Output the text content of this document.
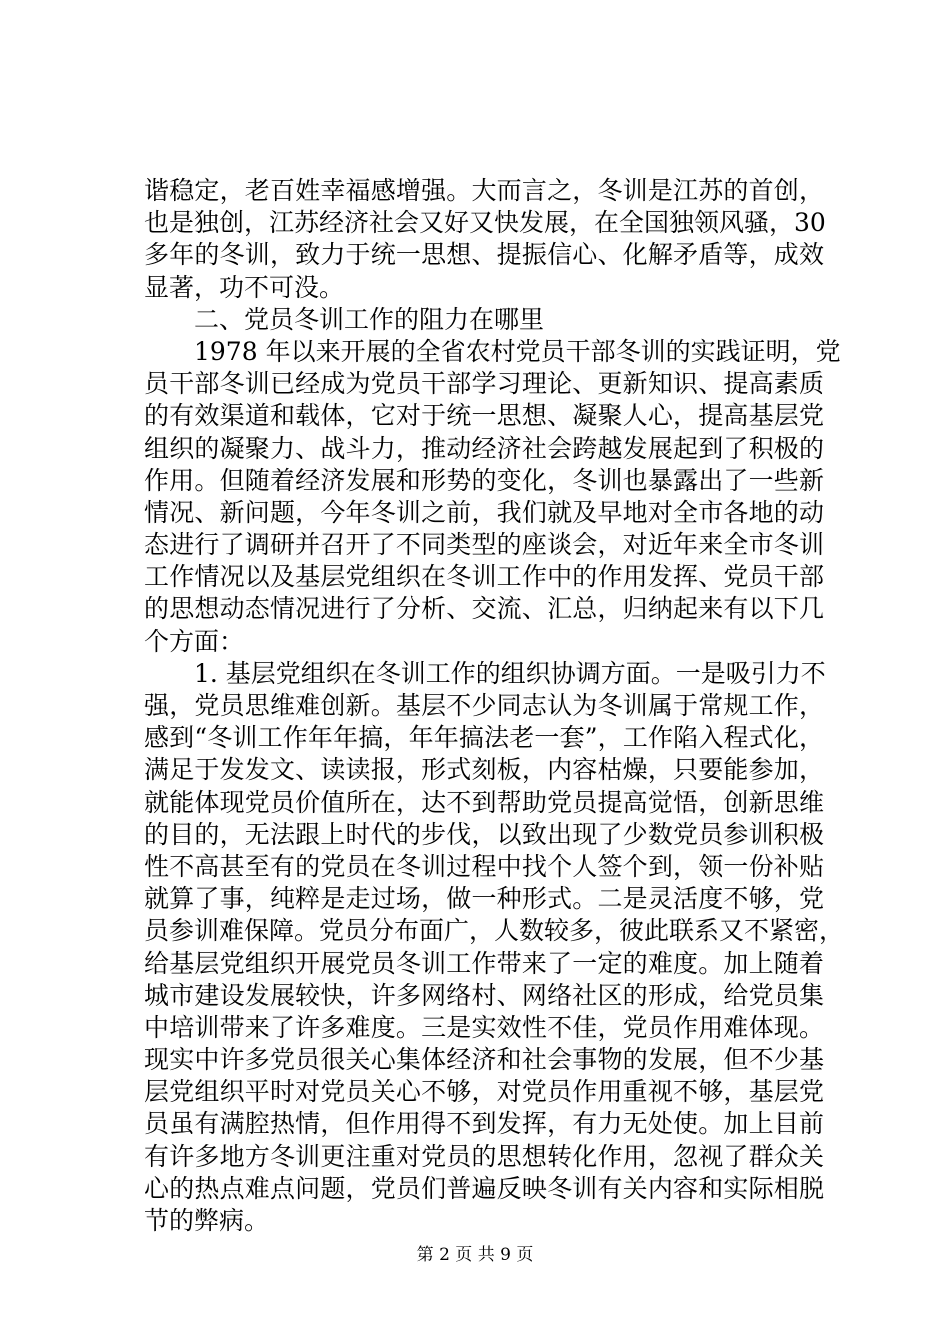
谐稳定，老百姓幸福感增强。大而言之，冬训是江苏的首创，
也是独创，江苏经济社会又好又快发展，在全国独领风骚，30
多年的冬训，致力于统一思想、提振信心、化解矛盾等，成效
显著，功不可没。
　　二、党员冬训工作的阻力在哪里
　　1978 年以来开展的全省农村党员干部冬训的实践证明，党
员干部冬训已经成为党员干部学习理论、更新知识、提高素质
的有效渠道和载体，它对于统一思想、凝聚人心，提高基层党
组织的凝聚力、战斗力，推动经济社会跨越发展起到了积极的
作用。但随着经济发展和形势的变化，冬训也暴露出了一些新
情况、新问题，今年冬训之前，我们就及早地对全市各地的动
态进行了调研并召开了不同类型的座谈会，对近年来全市冬训
工作情况以及基层党组织在冬训工作中的作用发挥、党员干部
的思想动态情况进行了分析、交流、汇总，归纳起来有以下几
个方面：
　　1. 基层党组织在冬训工作的组织协调方面。一是吸引力不
强，党员思维难创新。基层不少同志认为冬训属于常规工作，
感到“冬训工作年年搞，年年搞法老一套”，工作陷入程式化，
满足于发发文、读读报，形式刻板，内容枯燥，只要能参加，
就能体现党员价值所在，达不到帮助党员提高觉悟，创新思维
的目的，无法跟上时代的步伐，以致出现了少数党员参训积极
性不高甚至有的党员在冬训过程中找个人签个到，领一份补贴
就算了事，纯粹是走过场，做一种形式。二是灵活度不够，党
员参训难保障。党员分布面广，人数较多，彼此联系又不紧密，
给基层党组织开展党员冬训工作带来了一定的难度。加上随着
城市建设发展较快，许多网络村、网络社区的形成，给党员集
中培训带来了许多难度。三是实效性不佳，党员作用难体现。
现实中许多党员很关心集体经济和社会事物的发展，但不少基
层党组织平时对党员关心不够，对党员作用重视不够，基层党
员虽有满腔热情，但作用得不到发挥，有力无处使。加上目前
有许多地方冬训更注重对党员的思想转化作用，忽视了群众关
心的热点难点问题，党员们普遍反映冬训有关内容和实际相脱
节的弊病。
第 2 页 共 9 页
